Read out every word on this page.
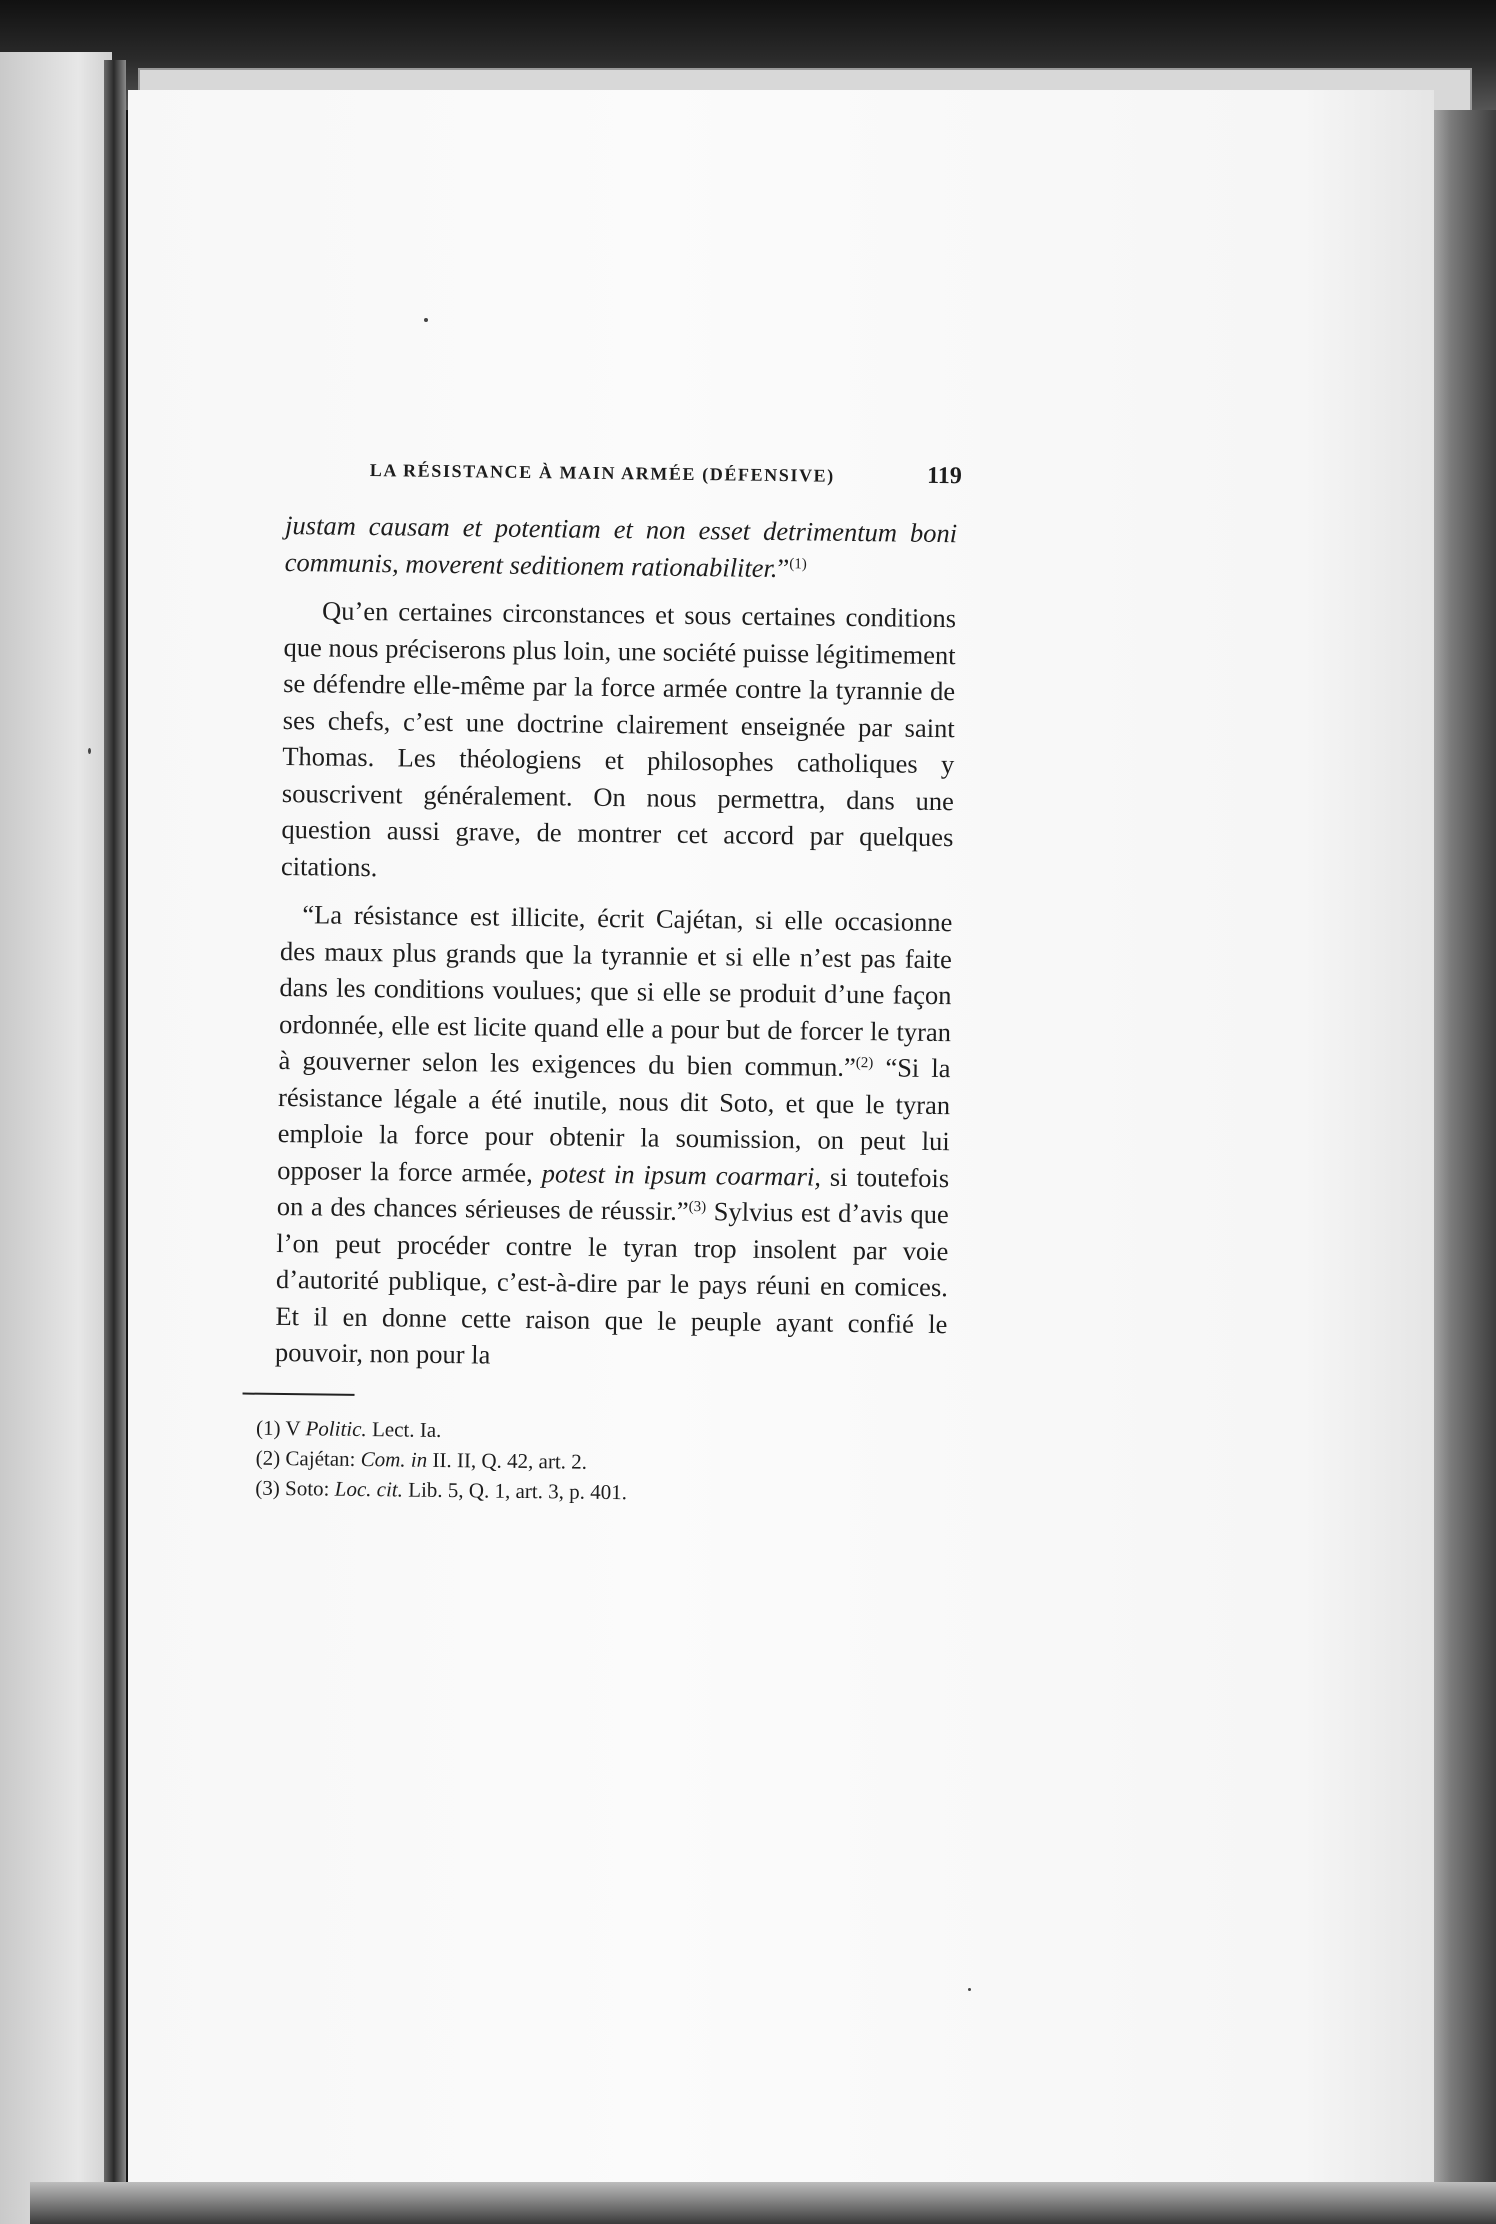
LA RÉSISTANCE À MAIN ARMÉE (DÉFENSIVE)	119

justam causam et potentiam et non esset detrimentum boni communis, moverent seditionem rationabiliter.”$^{(1)}$

Qu’en certaines circonstances et sous certaines conditions que nous préciserons plus loin, une société puisse légitimement se défendre elle-même par la force armée contre la tyrannie de ses chefs, c’est une doctrine clairement enseignée par saint Thomas. Les théologiens et philosophes catholiques y souscrivent généralement. On nous permettra, dans une question aussi grave, de montrer cet accord par quelques citations.

“La résistance est illicite, écrit Cajétan, si elle occasionne des maux plus grands que la tyrannie et si elle n’est pas faite dans les conditions voulues; que si elle se produit d’une façon ordonnée, elle est licite quand elle a pour but de forcer le tyran à gouverner selon les exigences du bien commun.”$^{(2)}$ “Si la résistance légale a été inutile, nous dit Soto, et que le tyran emploie la force pour obtenir la soumission, on peut lui opposer la force armée, potest in ipsum coarmari, si toutefois on a des chances sérieuses de réussir.”$^{(3)}$ Sylvius est d’avis que l’on peut procéder contre le tyran trop insolent par voie d’autorité publique, c’est-à-dire par le pays réuni en comices. Et il en donne cette raison que le peuple ayant confié le pouvoir, non pour la

(1) V Politic. Lect. Ia.
(2) Cajétan: Com. in II. II, Q. 42, art. 2.
(3) Soto: Loc. cit. Lib. 5, Q. 1, art. 3, p. 401.
